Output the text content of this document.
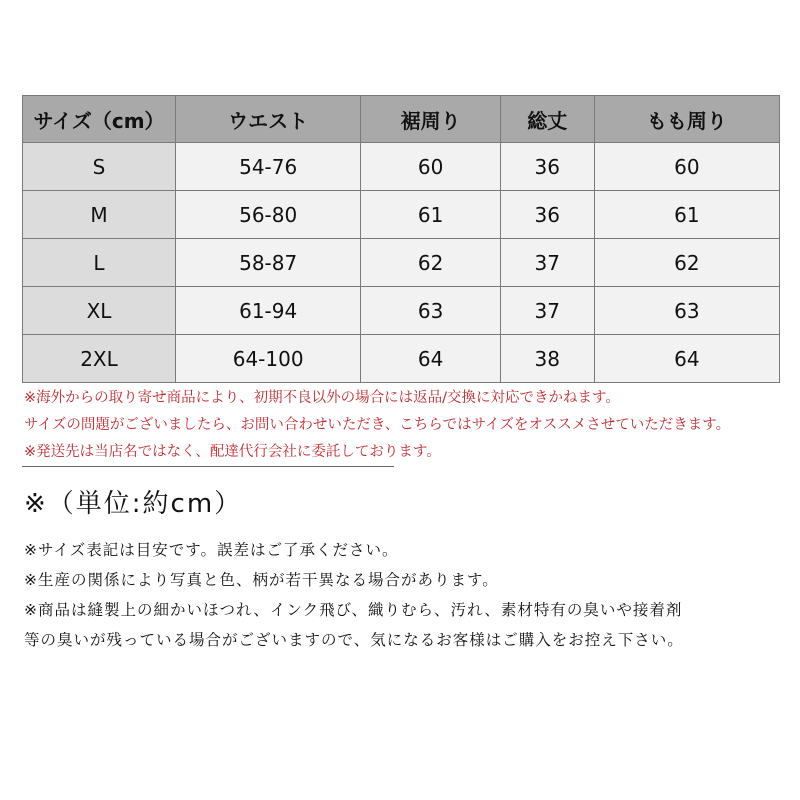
サイズ（cm）	ウエスト	裾周り	総丈	もも周り
S	54-76	60	36	60
M	56-80	61	36	61
L	58-87	62	37	62
XL	61-94	63	37	63
2XL	64-100	64	38	64
※海外からの取り寄せ商品により、初期不良以外の場合には返品/交換に対応できかねます。
サイズの問題がございましたら、お問い合わせいただき、こちらではサイズをオススメさせていただきます。
※発送先は当店名ではなく、配達代行会社に委託しております。
※（単位:約cm）
※サイズ表記は目安です。誤差はご了承ください。
※生産の関係により写真と色、柄が若干異なる場合があります。
※商品は縫製上の細かいほつれ、インク飛び、織りむら、汚れ、素材特有の臭いや接着剤
等の臭いが残っている場合がございますので、気になるお客様はご購入をお控え下さい。
